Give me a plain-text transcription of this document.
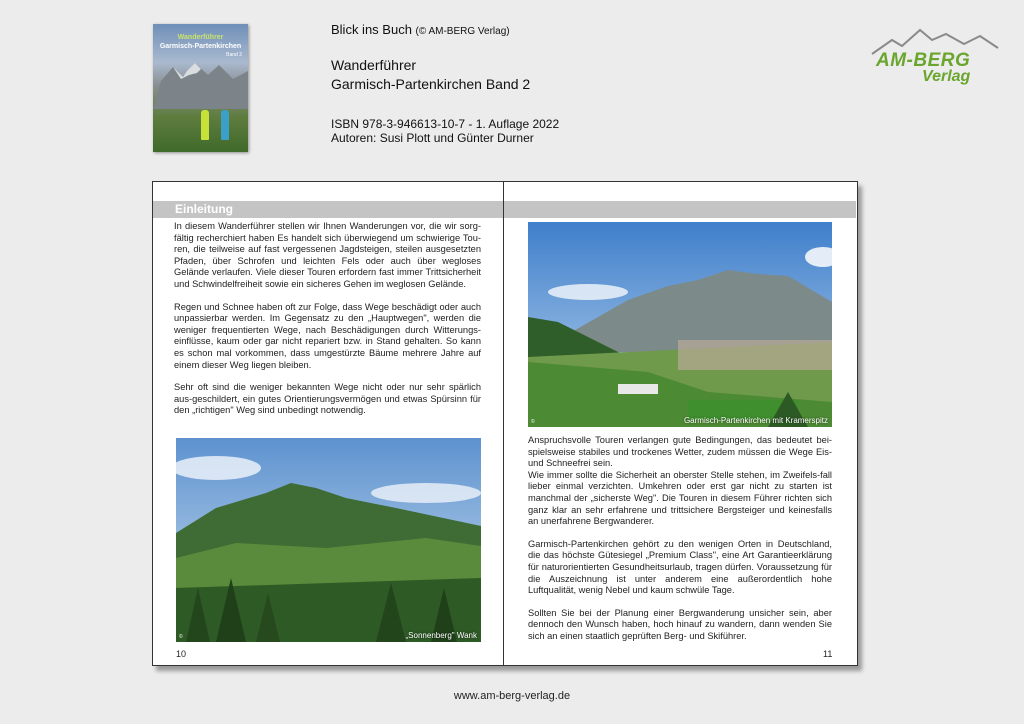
Wanderführer
Garmisch-Partenkirchen
Band 2
Blick ins Buch (© AM-BERG Verlag)
Wanderführer
Garmisch-Partenkirchen Band 2
ISBN 978-3-946613-10-7 - 1. Auflage 2022
Autoren: Susi Plott und Günter Durner
AM-BERG
Verlag
Einleitung

In diesem Wanderführer stellen wir Ihnen Wanderungen vor, die wir sorg-fältig recherchiert haben Es handelt sich überwiegend um schwierige Tou-ren, die teilweise auf fast vergessenen Jagdsteigen, steilen ausgesetzten Pfaden, über Schrofen und leichten Fels oder auch über wegloses Gelände verlaufen. Viele dieser Touren erfordern fast immer Trittsicherheit und Schwindelfreiheit sowie ein sicheres Gehen im weglosen Gelände.

Regen und Schnee haben oft zur Folge, dass Wege beschädigt oder auch unpassierbar werden. Im Gegensatz zu den „Hauptwegen", werden die weniger frequentierten Wege, nach Beschädigungen durch Witterungs-einflüsse, kaum oder gar nicht repariert bzw. in Stand gehalten. So kann es schon mal vorkommen, dass umgestürzte Bäume mehrere Jahre auf einem dieser Weg liegen bleiben.

Sehr oft sind die weniger bekannten Wege nicht oder nur sehr spärlich aus-geschildert, ein gutes Orientierungsvermögen und etwas Spürsinn für den „richtigen" Weg sind unbedingt notwendig.

©	„Sonnenberg" Wank
10
©	Garmisch-Partenkirchen mit Kramerspitz

Anspruchsvolle Touren verlangen gute Bedingungen, das bedeutet bei-spielsweise stabiles und trockenes Wetter, zudem müssen die Wege Eis- und Schneefrei sein.

Wie immer sollte die Sicherheit an oberster Stelle stehen, im Zweifels-fall lieber einmal verzichten. Umkehren oder erst gar nicht zu starten ist manchmal der „sicherste Weg". Die Touren in diesem Führer richten sich ganz klar an sehr erfahrene und trittsichere Bergsteiger und keinesfalls an unerfahrene Bergwanderer.

Garmisch-Partenkirchen gehört zu den wenigen Orten in Deutschland, die das höchste Gütesiegel „Premium Class", eine Art Garantieerklärung für naturorientierten Gesundheitsurlaub, tragen dürfen. Voraussetzung für die Auszeichnung ist unter anderem eine außerordentlich hohe Luftqualität, wenig Nebel und kaum schwüle Tage.

Sollten Sie bei der Planung einer Bergwanderung unsicher sein, aber dennoch den Wunsch haben, hoch hinauf zu wandern, dann wenden Sie sich an einen staatlich geprüften Berg- und Skiführer.

11
www.am-berg-verlag.de
